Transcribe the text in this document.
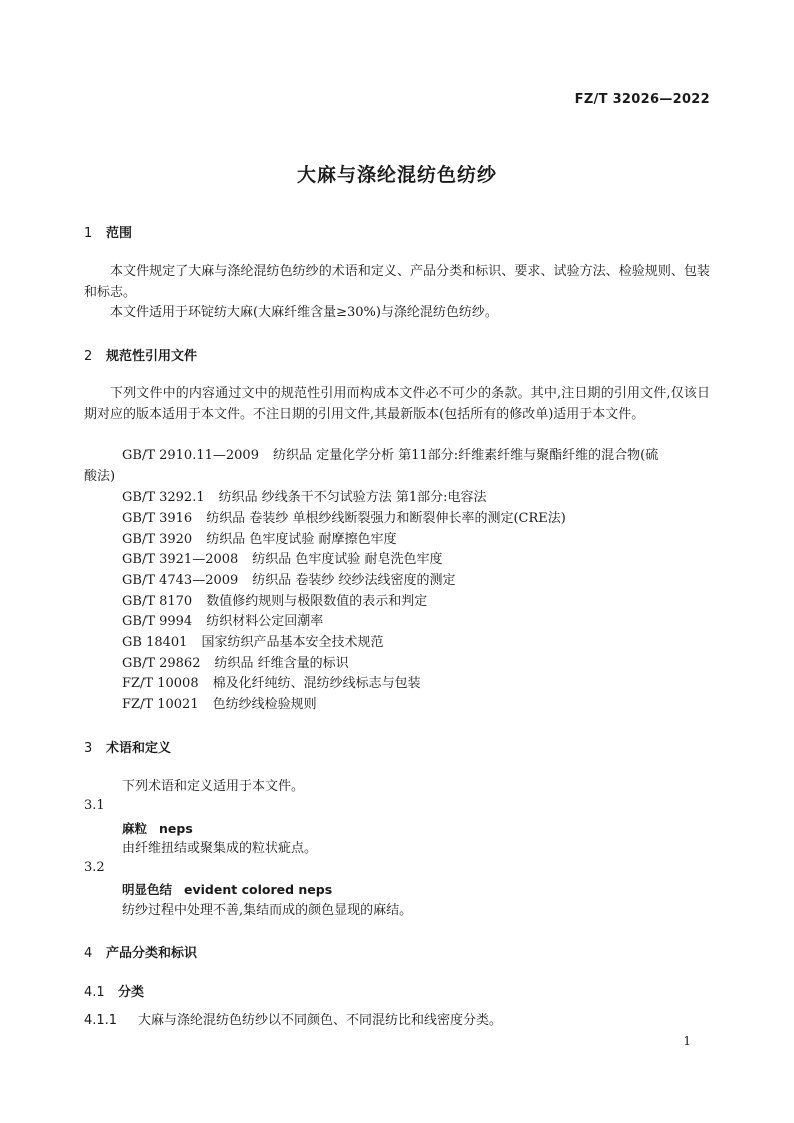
FZ/T 32026—2022
大麻与涤纶混纺色纺纱
1 范围
本文件规定了大麻与涤纶混纺色纺纱的术语和定义、产品分类和标识、要求、试验方法、检验规则、包装和标志。
本文件适用于环锭纺大麻(大麻纤维含量≥30%)与涤纶混纺色纺纱。
2 规范性引用文件
下列文件中的内容通过文中的规范性引用而构成本文件必不可少的条款。其中,注日期的引用文件,仅该日期对应的版本适用于本文件。不注日期的引用文件,其最新版本(包括所有的修改单)适用于本文件。
GB/T 2910.11—2009 纺织品 定量化学分析 第11部分:纤维素纤维与聚酯纤维的混合物(硫
酸法)
GB/T 3292.1 纺织品 纱线条干不匀试验方法 第1部分:电容法
GB/T 3916 纺织品 卷装纱 单根纱线断裂强力和断裂伸长率的测定(CRE法)
GB/T 3920 纺织品 色牢度试验 耐摩擦色牢度
GB/T 3921—2008 纺织品 色牢度试验 耐皂洗色牢度
GB/T 4743—2009 纺织品 卷装纱 绞纱法线密度的测定
GB/T 8170 数值修约规则与极限数值的表示和判定
GB/T 9994 纺织材料公定回潮率
GB 18401 国家纺织产品基本安全技术规范
GB/T 29862 纺织品 纤维含量的标识
FZ/T 10008 棉及化纤纯纺、混纺纱线标志与包装
FZ/T 10021 色纺纱线检验规则
3 术语和定义
下列术语和定义适用于本文件。
3.1
麻粒 neps
由纤维扭结或聚集成的粒状疵点。
3.2
明显色结 evident colored neps
纺纱过程中处理不善,集结而成的颜色显现的麻结。
4 产品分类和标识
4.1 分类
4.1.1 大麻与涤纶混纺色纺纱以不同颜色、不同混纺比和线密度分类。
1
